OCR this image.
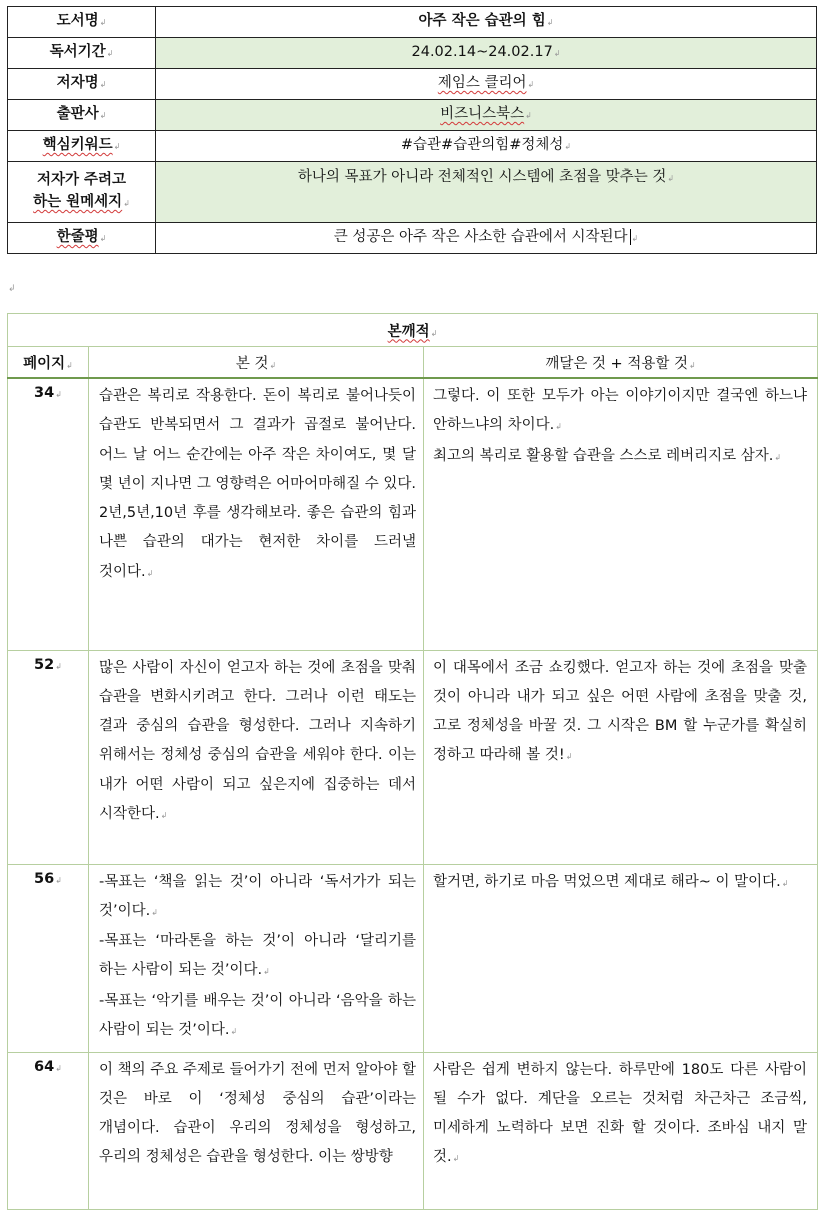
도서명↲	아주 작은 습관의 힘↲
독서기간↲	24.02.14~24.02.17↲
저자명↲	제임스 클리어↲
출판사↲	비즈니스북스↲
핵심키워드↲	#습관#습관의힘#정체성↲

저자가 주려고
하는 원메세지↲	하나의 목표가 아니라 전체적인 시스템에 초점을 맞추는 것↲
한줄평↲	큰 성공은 아주 작은 사소한 습관에서 시작된다 ↲
↲
본깨적↲		
페이지↲	본 것↲	깨달은 것 + 적용할 것↲
34↲	습관은 복리로 작용한다. 돈이 복리로 불어나듯이 습관도 반복되면서 그 결과가 곱절로 불어난다. 어느 날 어느 순간에는 아주 작은 차이여도, 몇 달 몇 년이 지나면 그 영향력은 어마어마해질 수 있다. 2년,5년,10년 후를 생각해보라. 좋은 습관의 힘과 나쁜 습관의 대가는 현저한 차이를 드러낼 것이다.↲	그렇다. 이 또한 모두가 아는 이야기이지만 결국엔 하느냐 안하느냐의 차이다.↲
최고의 복리로 활용할 습관을 스스로 레버리지로 삼자.↲

52↲	많은 사람이 자신이 얻고자 하는 것에 초점을 맞춰 습관을 변화시키려고 한다. 그러나 이런 태도는 결과 중심의 습관을 형성한다. 그러나 지속하기 위해서는 정체성 중심의 습관을 세워야 한다. 이는 내가 어떤 사람이 되고 싶은지에 집중하는 데서 시작한다.↲	이 대목에서 조금 쇼킹했다. 얻고자 하는 것에 초점을 맞출 것이 아니라 내가 되고 싶은 어떤 사람에 초점을 맞출 것, 고로 정체성을 바꿀 것. 그 시작은 BM 할 누군가를 확실히 정하고 따라해 볼 것!↲

56↲	-목표는 ‘책을 읽는 것’이 아니라 ‘독서가가 되는 것’이다.↲
-목표는 ‘마라톤을 하는 것’이 아니라 ‘달리기를 하는 사람이 되는 것’이다.↲
-목표는 ‘악기를 배우는 것’이 아니라 ‘음악을 하는 사람이 되는 것’이다.↲	할거면, 하기로 마음 먹었으면 제대로 해라~ 이 말이다.↲

64↲	이 책의 주요 주제로 들어가기 전에 먼저 알아야 할 것은 바로 이 ‘정체성 중심의 습관’이라는 개념이다. 습관이 우리의 정체성을 형성하고, 우리의 정체성은 습관을 형성한다. 이는 쌍방향	사람은 쉽게 변하지 않는다. 하루만에 180도 다른 사람이 될 수가 없다. 계단을 오르는 것처럼 차근차근 조금씩, 미세하게 노력하다 보면 진화 할 것이다. 조바심 내지 말 것.↲
